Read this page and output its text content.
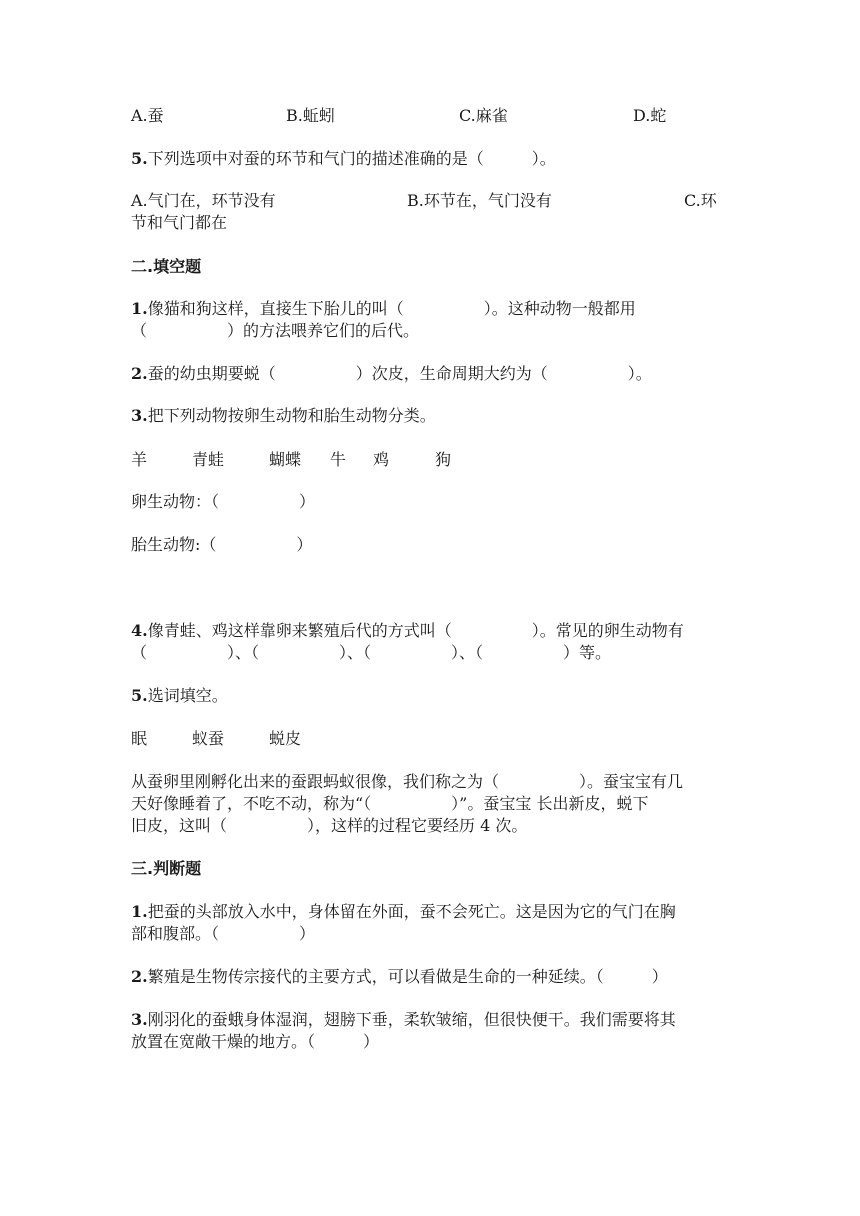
A.蚕	B.蚯蚓	C.麻雀	D.蛇
5.下列选项中对蚕的环节和气门的描述准确的是（　　　）。
A.气门在，环节没有	B.环节在，气门没有	C.环
节和气门都在
二.填空题
1.像猫和狗这样，直接生下胎儿的叫（　　　　　）。这种动物一般都用
（　　　　　）的方法喂养它们的后代。
2.蚕的幼虫期要蜕（　　　　　）次皮，生命周期大约为（　　　　　）。
3.把下列动物按卵生动物和胎生动物分类。
羊	青蛙	蝴蝶 牛 鸡	狗
卵生动物：（　　　　　）
胎生动物:（　　　　　）
4.像青蛙、鸡这样靠卵来繁殖后代的方式叫（　　　　　）。常见的卵生动物有
（　　　　　）、（　　　　　）、（　　　　　）、（　　　　　）等。
5.选词填空。
眠	蚁蚕	蜕皮
从蚕卵里刚孵化出来的蚕跟蚂蚁很像，我们称之为（　　　　　）。蚕宝宝有几
天好像睡着了，不吃不动，称为“（　　　　　）”。蚕宝宝 长出新皮，蜕下
旧皮，这叫（　　　　　），这样的过程它要经历 4 次。
三.判断题
1.把蚕的头部放入水中，身体留在外面，蚕不会死亡。这是因为它的气门在胸
部和腹部。（　　　　　）
2.繁殖是生物传宗接代的主要方式，可以看做是生命的一种延续。（　　　）
3.刚羽化的蚕蛾身体湿润，翅膀下垂，柔软皱缩，但很快便干。我们需要将其
放置在宽敞干燥的地方。（　　　）
